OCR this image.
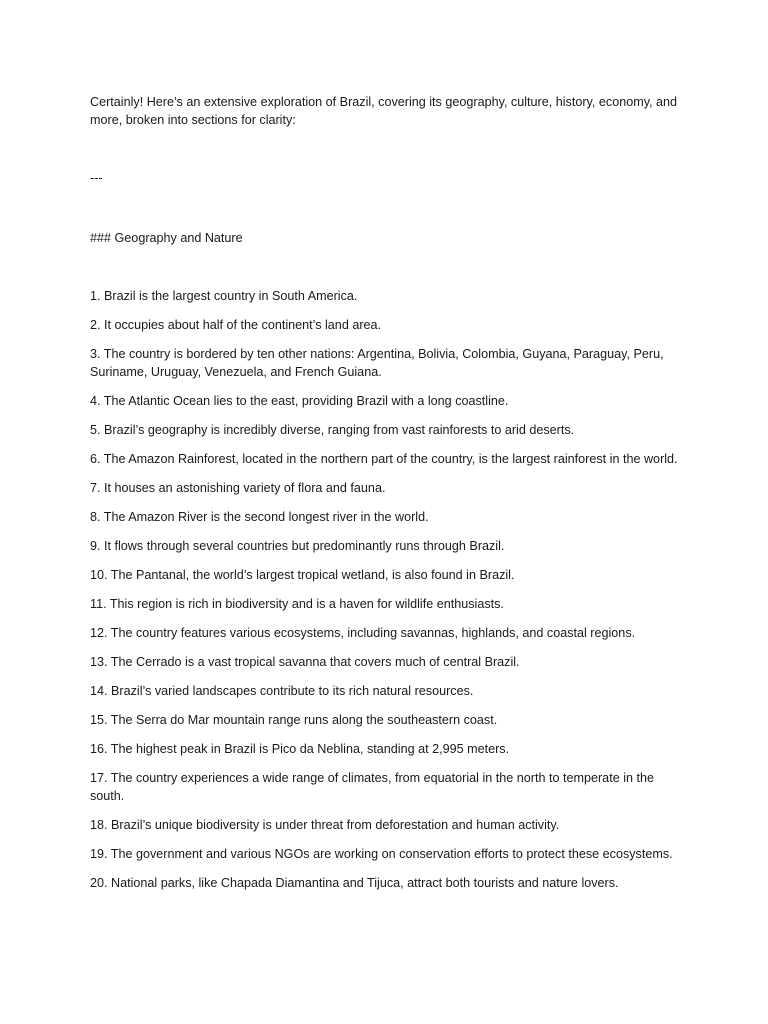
Certainly! Here’s an extensive exploration of Brazil, covering its geography, culture, history, economy, and more, broken into sections for clarity:

---

### Geography and Nature
1. Brazil is the largest country in South America.
2. It occupies about half of the continent’s land area.
3. The country is bordered by ten other nations: Argentina, Bolivia, Colombia, Guyana, Paraguay, Peru, Suriname, Uruguay, Venezuela, and French Guiana.
4. The Atlantic Ocean lies to the east, providing Brazil with a long coastline.
5. Brazil’s geography is incredibly diverse, ranging from vast rainforests to arid deserts.
6. The Amazon Rainforest, located in the northern part of the country, is the largest rainforest in the world.
7. It houses an astonishing variety of flora and fauna.
8. The Amazon River is the second longest river in the world.
9. It flows through several countries but predominantly runs through Brazil.
10. The Pantanal, the world’s largest tropical wetland, is also found in Brazil.
11. This region is rich in biodiversity and is a haven for wildlife enthusiasts.
12. The country features various ecosystems, including savannas, highlands, and coastal regions.
13. The Cerrado is a vast tropical savanna that covers much of central Brazil.
14. Brazil’s varied landscapes contribute to its rich natural resources.
15. The Serra do Mar mountain range runs along the southeastern coast.
16. The highest peak in Brazil is Pico da Neblina, standing at 2,995 meters.
17. The country experiences a wide range of climates, from equatorial in the north to temperate in the south.
18. Brazil’s unique biodiversity is under threat from deforestation and human activity.
19. The government and various NGOs are working on conservation efforts to protect these ecosystems.
20. National parks, like Chapada Diamantina and Tijuca, attract both tourists and nature lovers.
